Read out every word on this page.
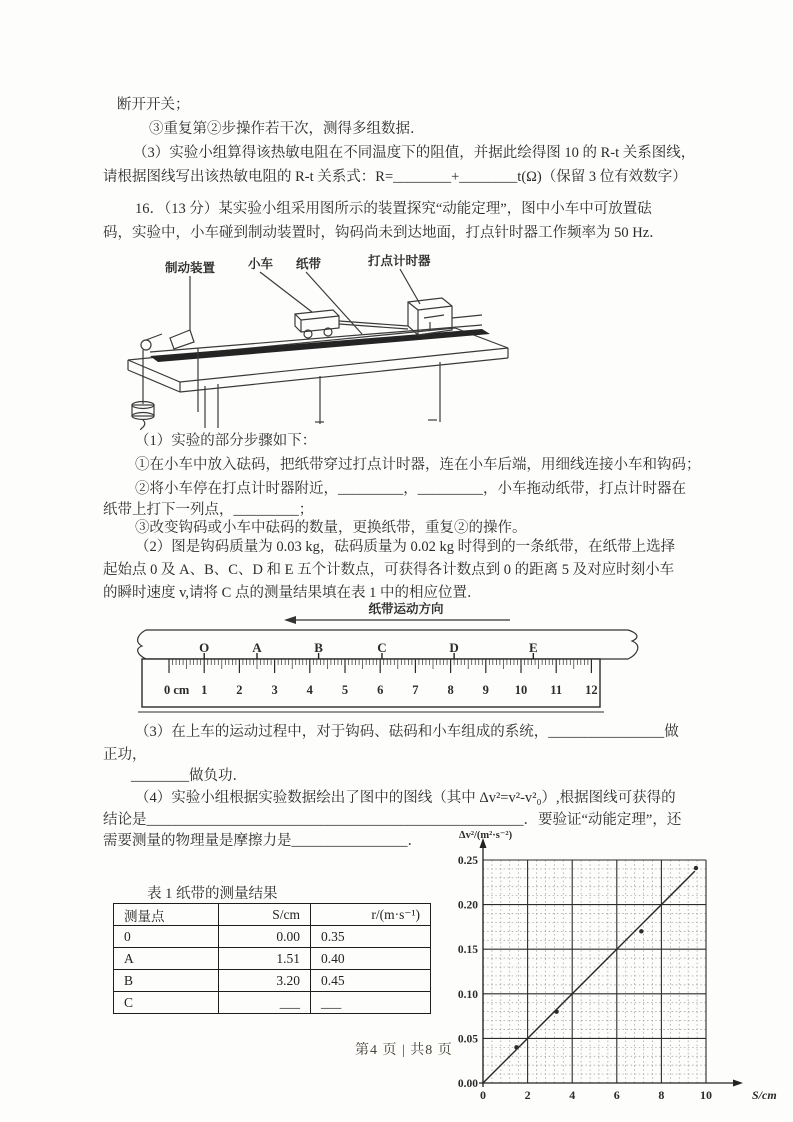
断开开关；
③重复第②步操作若干次，测得多组数据．
（3）实验小组算得该热敏电阻在不同温度下的阻值，并据此绘得图 10 的 R-t 关系图线，
请根据图线写出该热敏电阻的 R-t 关系式：R=________+________t(Ω)（保留 3 位有效数字）
16．（13 分）某实验小组采用图所示的装置探究“动能定理”，图中小车中可放置砝
码，实验中，小车碰到制动装置时，钩码尚未到达地面，打点针时器工作频率为 50 Hz．
制动装置	小车 纸带	打点计时器
（1）实验的部分步骤如下：
①在小车中放入砝码，把纸带穿过打点计时器，连在小车后端，用细线连接小车和钩码；
②将小车停在打点计时器附近，_________，_________，小车拖动纸带，打点计时器在
纸带上打下一列点，_________；
③改变钩码或小车中砝码的数量，更换纸带，重复②的操作。
（2）图是钩码质量为 0.03 kg，砝码质量为 0.02 kg 时得到的一条纸带，在纸带上选择
起始点 0 及 A、B、C、D 和 E 五个计数点，可获得各计数点到 0 的距离 5 及对应时刻小车
的瞬时速度 v,请将 C 点的测量结果填在表 1 中的相应位置．
纸带运动方向
0 cm 1 2 3 4 5 6 7 8 9 10 11 12
O	A	B	C	D	E
（3）在上车的运动过程中，对于钩码、砝码和小车组成的系统，________________做
正功，
________做负功．
（4）实验小组根据实验数据绘出了图中的图线（其中 Δv²=v²-v²₀）,根据图线可获得的
结论是____________________________________________________．要验证“动能定理”，还
需要测量的物理量是摩擦力是________________．
表 1 纸带的测量结果
测量点	S/cm	r/(m·s⁻¹)
0	0.00	0.35
A	1.51	0.40
B	3.20	0.45
C	___	___
0.00
0.05
0.10
0.15
0.20
0.25
0	2	4	6	8	10
Δv²/(m²·s⁻²)
S/cm
第4 页 | 共8 页
